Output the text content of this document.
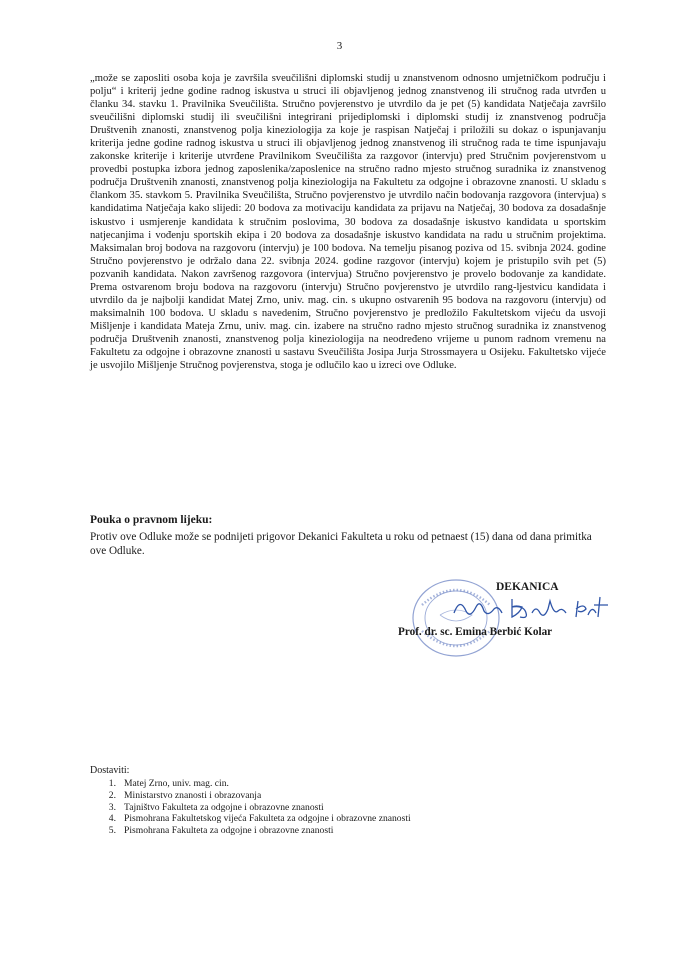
3

„može se zaposliti osoba koja je završila sveučilišni diplomski studij u znanstvenom odnosno umjetničkom području i polju“ i kriterij jedne godine radnog iskustva u struci ili objavljenog jednog znanstvenog ili stručnog rada utvrđen u članku 34. stavku 1. Pravilnika Sveučilišta. Stručno povjerenstvo je utvrdilo da je pet (5) kandidata Natječaja završilo sveučilišni diplomski studij ili sveučilišni integrirani prijediplomski i diplomski studij iz znanstvenog područja Društvenih znanosti, znanstvenog polja kineziologija za koje je raspisan Natječaj i priložili su dokaz o ispunjavanju kriterija jedne godine radnog iskustva u struci ili objavljenog jednog znanstvenog ili stručnog rada te time ispunjavaju zakonske kriterije i kriterije utvrđene Pravilnikom Sveučilišta za razgovor (intervju) pred Stručnim povjerenstvom u provedbi postupka izbora jednog zaposlenika/zaposlenice na stručno radno mjesto stručnog suradnika iz znanstvenog područja Društvenih znanosti, znanstvenog polja kineziologija na Fakultetu za odgojne i obrazovne znanosti. U skladu s člankom 35. stavkom 5. Pravilnika Sveučilišta, Stručno povjerenstvo je utvrdilo način bodovanja razgovora (intervjua) s kandidatima Natječaja kako slijedi: 20 bodova za motivaciju kandidata za prijavu na Natječaj, 30 bodova za dosadašnje iskustvo i usmjerenje kandidata k stručnim poslovima, 30 bodova za dosadašnje iskustvo kandidata u sportskim natjecanjima i vođenju sportskih ekipa i 20 bodova za dosadašnje iskustvo kandidata na radu u stručnim projektima. Maksimalan broj bodova na razgovoru (intervju) je 100 bodova. Na temelju pisanog poziva od 15. svibnja 2024. godine Stručno povjerenstvo je održalo dana 22. svibnja 2024. godine razgovor (intervju) kojem je pristupilo svih pet (5) pozvanih kandidata. Nakon završenog razgovora (intervjua) Stručno povjerenstvo je provelo bodovanje za kandidate. Prema ostvarenom broju bodova na razgovoru (intervju) Stručno povjerenstvo je utvrdilo rang-ljestvicu kandidata i utvrdilo da je najbolji kandidat Matej Zrno, univ. mag. cin. s ukupno ostvarenih 95 bodova na razgovoru (intervju) od maksimalnih 100 bodova. U skladu s navedenim, Stručno povjerenstvo je predložilo Fakultetskom vijeću da usvoji Mišljenje i kandidata Mateja Zrnu, univ. mag. cin. izabere na stručno radno mjesto stručnog suradnika iz znanstvenog područja Društvenih znanosti, znanstvenog polja kineziologija na neodređeno vrijeme u punom radnom vremenu na Fakultetu za odgojne i obrazovne znanosti u sastavu Sveučilišta Josipa Jurja Strossmayera u Osijeku. Fakultetsko vijeće je usvojilo Mišljenje Stručnog povjerenstva, stoga je odlučilo kao u izreci ove Odluke.

Pouka o pravnom lijeku:

Protiv ove Odluke može se podnijeti prigovor Dekanici Fakulteta u roku od petnaest (15) dana od dana primitka ove Odluke.

DEKANICA
Prof. dr. sc. Emina Berbić Kolar

Dostaviti:

1. Matej Zrno, univ. mag. cin.
2. Ministarstvo znanosti i obrazovanja
3. Tajništvo Fakulteta za odgojne i obrazovne znanosti
4. Pismohrana Fakultetskog vijeća Fakulteta za odgojne i obrazovne znanosti
5. Pismohrana Fakulteta za odgojne i obrazovne znanosti
